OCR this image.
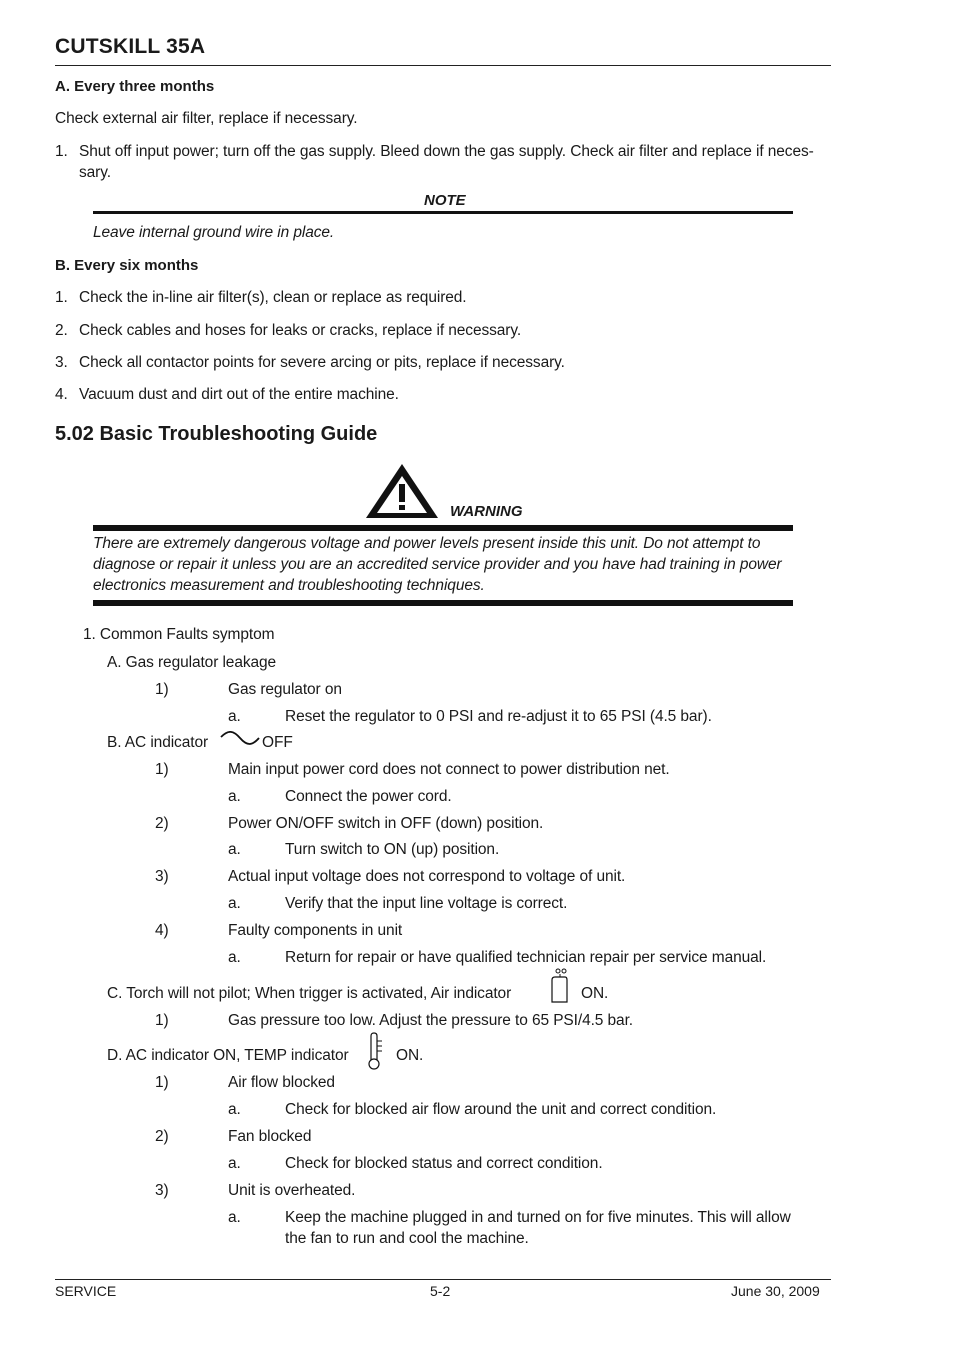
CUTSKILL 35A
A. Every three months
Check external air filter, replace if necessary.
1. Shut off input power; turn off the gas supply. Bleed down the gas supply. Check air filter and replace if neces-
sary.
NOTE
Leave internal ground wire in place.
B. Every six months
1. Check the in-line air filter(s), clean or replace as required.
2. Check cables and hoses for leaks or cracks, replace if necessary.
3. Check all contactor points for severe arcing or pits, replace if necessary.
4. Vacuum dust and dirt out of the entire machine.
5.02 Basic Troubleshooting Guide
WARNING
There are extremely dangerous voltage and power levels present inside this unit. Do not attempt to
diagnose or repair it unless you are an accredited service provider and you have had training in power
electronics measurement and troubleshooting techniques.
1. Common Faults symptom
A. Gas regulator leakage
1)	Gas regulator on
a.	Reset the regulator to 0 PSI and re-adjust it to 65 PSI (4.5 bar).
B. AC indicator	OFF
1)	Main input power cord does not connect to power distribution net.
a.	Connect the power cord.
2)	Power ON/OFF switch in OFF (down) position.
a.	Turn switch to ON (up) position.
3)	Actual input voltage does not correspond to voltage of unit.
a.	Verify that the input line voltage is correct.
4)	Faulty components in unit
a.	Return for repair or have qualified technician repair per service manual.
C. Torch will not pilot; When trigger is activated, Air indicator	ON.
1)	Gas pressure too low. Adjust the pressure to 65 PSI/4.5 bar.
D. AC indicator ON, TEMP indicator	ON.
1)	Air flow blocked
a.	Check for blocked air flow around the unit and correct condition.
2)	Fan blocked
a.	Check for blocked status and correct condition.
3)	Unit is overheated.
a.	Keep the machine plugged in and turned on for five minutes. This will allow
the fan to run and cool the machine.
SERVICE	5-2	June 30, 2009
